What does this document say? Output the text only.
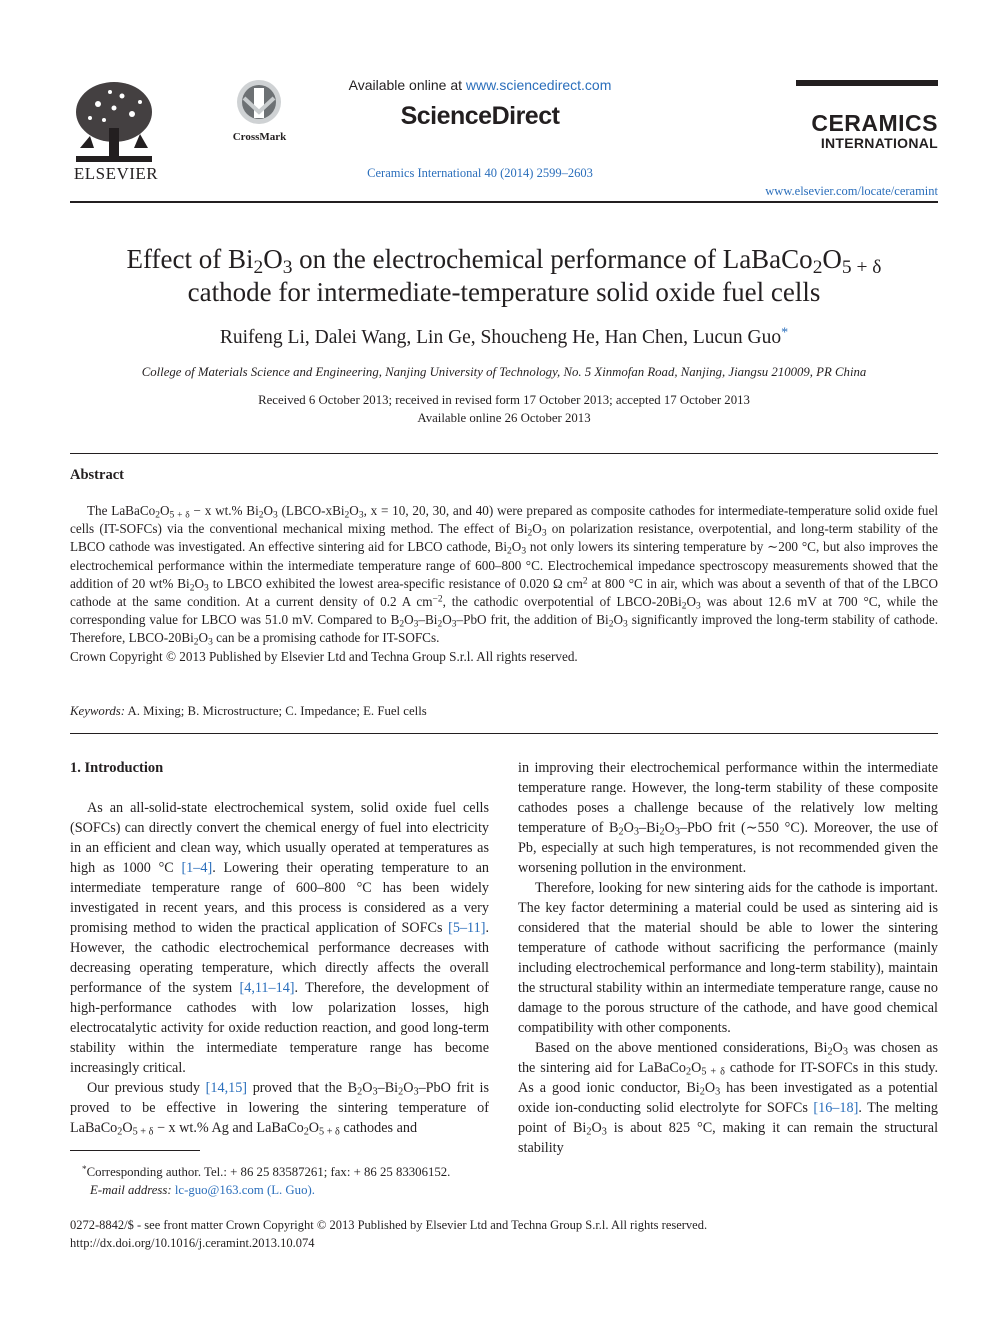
ELSEVIER
CrossMark
Available online at www.sciencedirect.com
ScienceDirect
Ceramics International 40 (2014) 2599–2603
CERAMICS
INTERNATIONAL
www.elsevier.com/locate/ceramint
Effect of $Bi_2O_3$ on the electrochemical performance of $LaBaCo_2O_{5 + \delta}$
cathode for intermediate-temperature solid oxide fuel cells
Ruifeng Li, Dalei Wang, Lin Ge, Shoucheng He, Han Chen, Lucun Guo*
College of Materials Science and Engineering, Nanjing University of Technology, No. 5 Xinmofan Road, Nanjing, Jiangsu 210009, PR China
Received 6 October 2013; received in revised form 17 October 2013; accepted 17 October 2013
Available online 26 October 2013
Abstract

The $LaBaCo_2O_{5 + \delta} - x$ wt.% $Bi_2O_3$ ($LBCO-xBi_2O_3$, x = 10, 20, 30, and 40) were prepared as composite cathodes for intermediate-temperature solid oxide fuel cells (IT-SOFCs) via the conventional mechanical mixing method. The effect of $Bi_2O_3$ on polarization resistance, overpotential, and long-term stability of the LBCO cathode was investigated. An effective sintering aid for LBCO cathode, $Bi_2O_3$ not only lowers its sintering temperature by ∼200 °C, but also improves the electrochemical performance within the intermediate temperature range of 600–800 °C. Electrochemical impedance spectroscopy measurements showed that the addition of 20 wt% $Bi_2O_3$ to LBCO exhibited the lowest area-specific resistance of 0.020 Ω $cm^2$ at 800 °C in air, which was about a seventh of that of the LBCO cathode at the same condition. At a current density of 0.2 A $cm^{-2}$, the cathodic overpotential of LBCO-$20Bi_2O_3$ was about 12.6 mV at 700 °C, while the corresponding value for LBCO was 51.0 mV. Compared to $B_2O_3-Bi_2O_3$–PbO frit, the addition of $Bi_2O_3$ significantly improved the long-term stability of cathode. Therefore, LBCO-$20Bi_2O_3$ can be a promising cathode for IT-SOFCs.

Crown Copyright © 2013 Published by Elsevier Ltd and Techna Group S.r.l. All rights reserved.

Keywords: A. Mixing; B. Microstructure; C. Impedance; E. Fuel cells

1. Introduction

As an all-solid-state electrochemical system, solid oxide fuel cells (SOFCs) can directly convert the chemical energy of fuel into electricity in an efficient and clean way, which usually operated at temperatures as high as 1000 °C [1–4]. Lowering their operating temperature to an intermediate temperature range of 600–800 °C has been widely investigated in recent years, and this process is considered as a very promising method to widen the practical application of SOFCs [5–11]. However, the cathodic electrochemical performance decreases with decreasing operating temperature, which directly affects the overall performance of the system [4,11–14]. Therefore, the development of high-performance cathodes with low polarization losses, high electrocatalytic activity for oxide reduction reaction, and good long-term stability within the intermediate temperature range has become increasingly critical.

Our previous study [14,15] proved that the $B_2O_3-Bi_2O_3$–PbO frit is proved to be effective in lowering the sintering temperature of $LaBaCo_2O_{5 + \delta} - x$ wt.% Ag and $LaBaCo_2O_{5 + \delta}$ cathodes and

*Corresponding author. Tel.: + 86 25 83587261; fax: + 86 25 83306152.
E-mail address: lc-guo@163.com (L. Guo).

in improving their electrochemical performance within the intermediate temperature range. However, the long-term stability of these composite cathodes poses a challenge because of the relatively low melting temperature of $B_2O_3-Bi_2O_3$–PbO frit (∼550 °C). Moreover, the use of Pb, especially at such high temperatures, is not recommended given the worsening pollution in the environment.

Therefore, looking for new sintering aids for the cathode is important. The key factor determining a material could be used as sintering aid is considered that the material should be able to lower the sintering temperature of cathode without sacrificing the performance (mainly including electrochemical performance and long-term stability), maintain the structural stability within an intermediate temperature range, cause no damage to the porous structure of the cathode, and have good chemical compatibility with other components.

Based on the above mentioned considerations, $Bi_2O_3$ was chosen as the sintering aid for $LaBaCo_2O_{5 + \delta}$ cathode for IT-SOFCs in this study. As a good ionic conductor, $Bi_2O_3$ has been investigated as a potential oxide ion-conducting solid electrolyte for SOFCs [16–18]. The melting point of $Bi_2O_3$ is about 825 °C, making it can remain the structural stability

0272-8842/$ - see front matter Crown Copyright © 2013 Published by Elsevier Ltd and Techna Group S.r.l. All rights reserved.
http://dx.doi.org/10.1016/j.ceramint.2013.10.074
